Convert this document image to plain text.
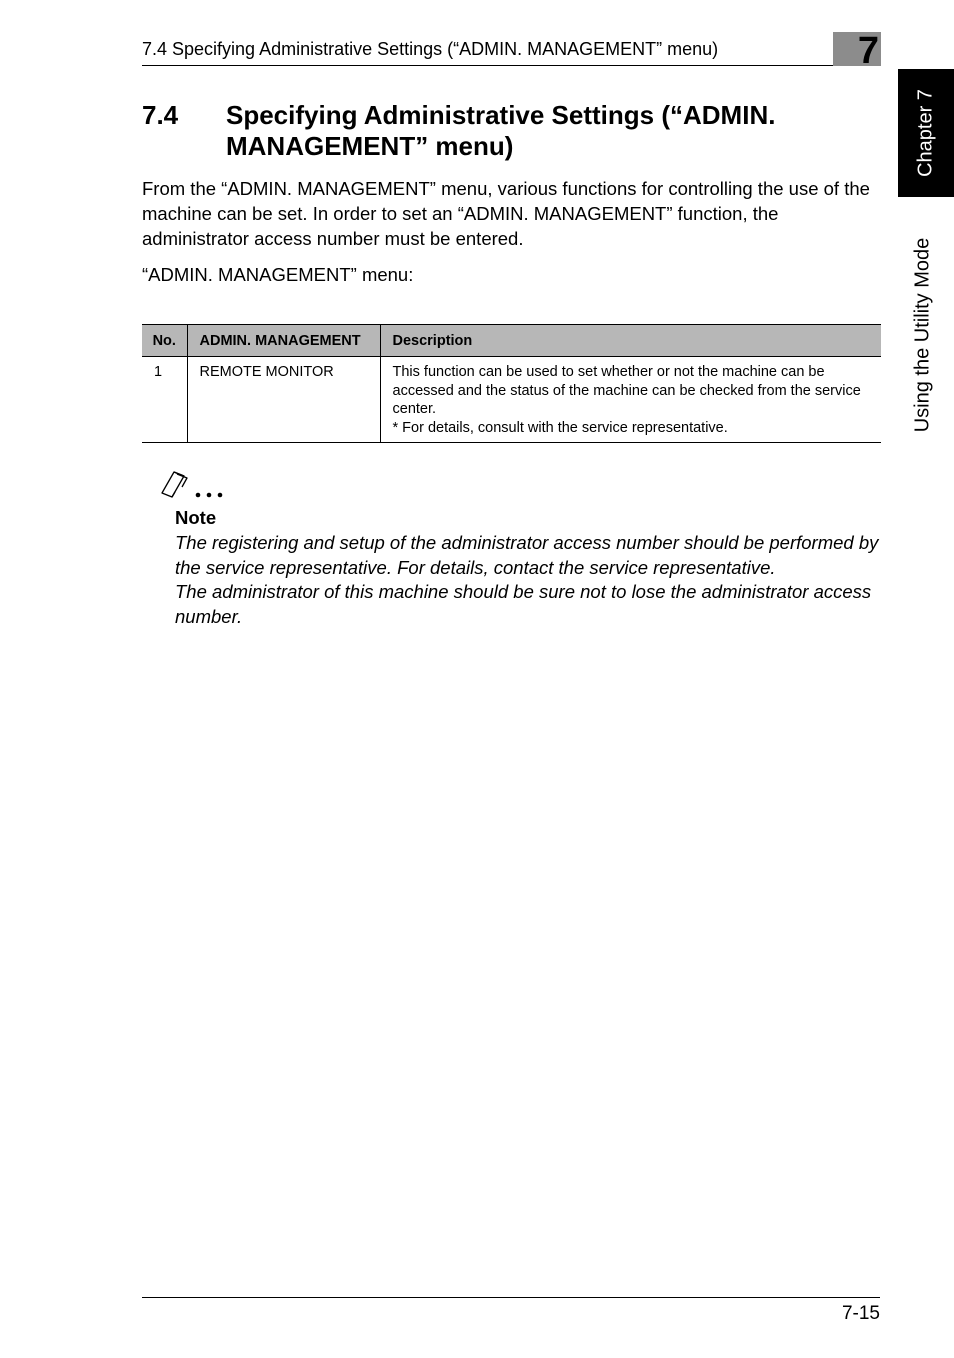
7.4 Specifying Administrative Settings (“ADMIN. MANAGEMENT” menu)	7
Chapter 7
Using the Utility Mode
7.4 Specifying Administrative Settings (“ADMIN. MANAGEMENT” menu)
From the “ADMIN. MANAGEMENT” menu, various functions for controlling the use of the machine can be set. In order to set an “ADMIN. MANAGEMENT” function, the administrator access number must be entered.
“ADMIN. MANAGEMENT” menu:
No.	ADMIN. MANAGEMENT	Description
1	REMOTE MONITOR	This function can be used to set whether or not the machine can be accessed and the status of the machine can be checked from the service center.
* For details, consult with the service representative.
Note

The registering and setup of the administrator access number should be performed by the service representative. For details, contact the service representative.

The administrator of this machine should be sure not to lose the administrator access number.

7-15
